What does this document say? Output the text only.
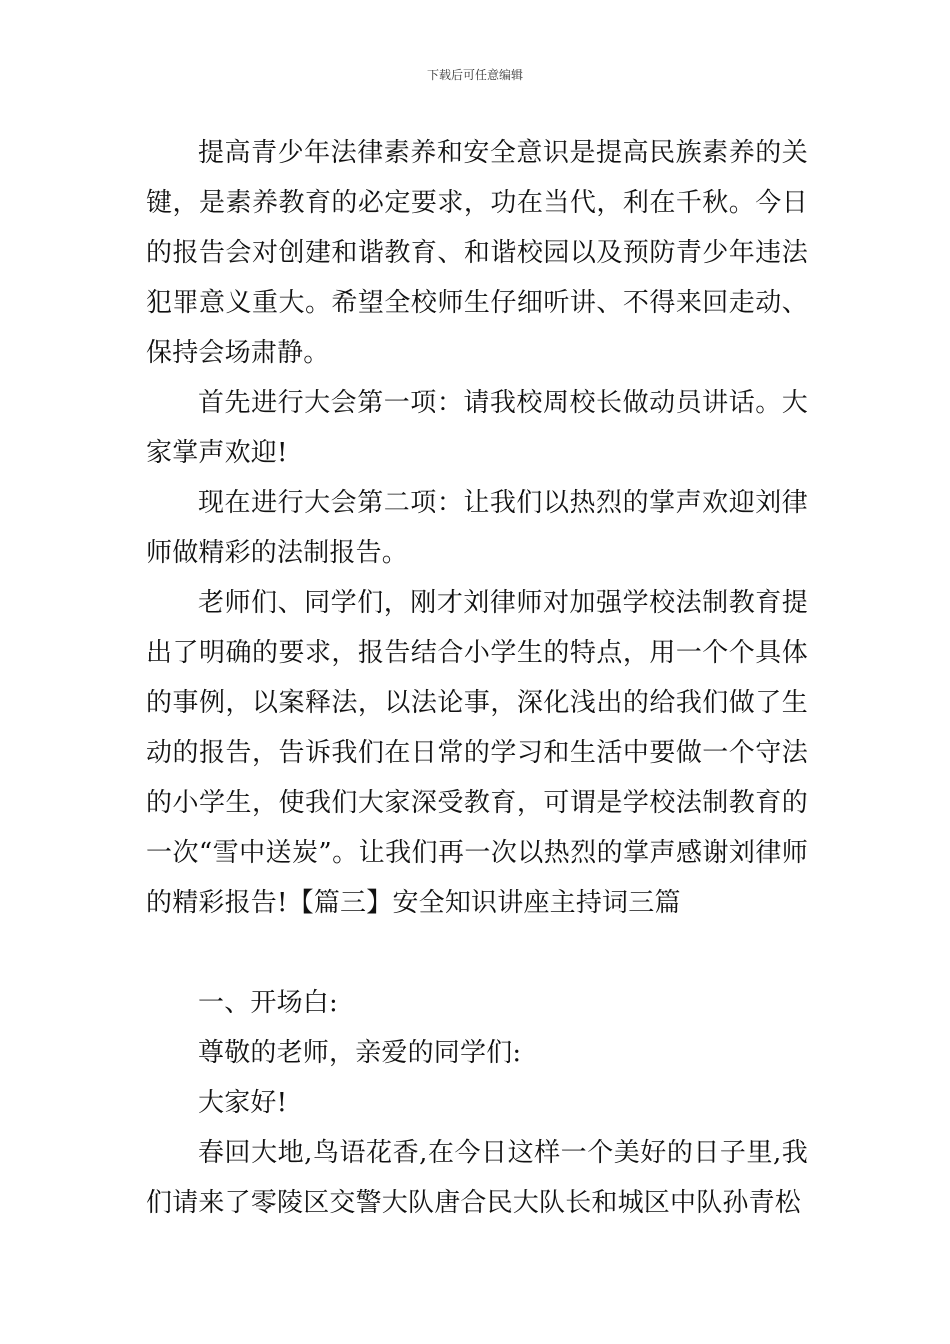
下载后可任意编辑

提高青少年法律素养和安全意识是提高民族素养的关键，是素养教育的必定要求，功在当代，利在千秋。今日的报告会对创建和谐教育、和谐校园以及预防青少年违法犯罪意义重大。希望全校师生仔细听讲、不得来回走动、保持会场肃静。

首先进行大会第一项：请我校周校长做动员讲话。大家掌声欢迎!

现在进行大会第二项：让我们以热烈的掌声欢迎刘律师做精彩的法制报告。

老师们、同学们，刚才刘律师对加强学校法制教育提出了明确的要求，报告结合小学生的特点，用一个个具体的事例，以案释法，以法论事，深化浅出的给我们做了生动的报告，告诉我们在日常的学习和生活中要做一个守法的小学生，使我们大家深受教育，可谓是学校法制教育的一次“雪中送炭”。让我们再一次以热烈的掌声感谢刘律师的精彩报告!【篇三】安全知识讲座主持词三篇

一、开场白:

尊敬的老师，亲爱的同学们:

大家好!

春回大地,鸟语花香,在今日这样一个美好的日子里,我们请来了零陵区交警大队唐合民大队长和城区中队孙青松
